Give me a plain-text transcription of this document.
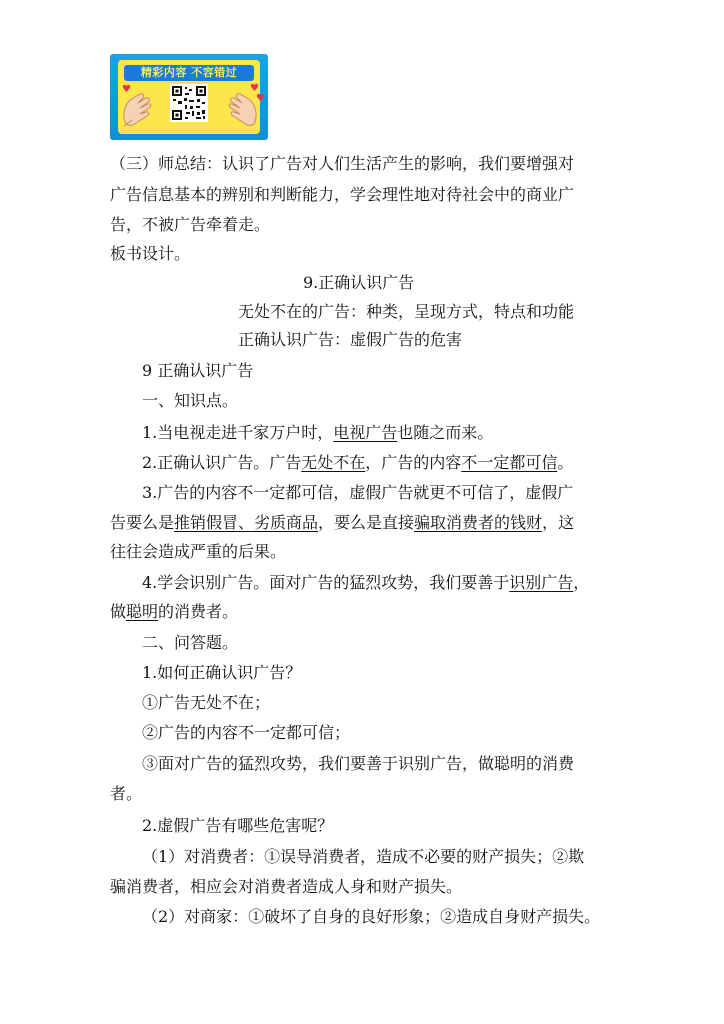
精彩内容 不容错过
♥	♥
♥
（三）师总结：认识了广告对人们生活产生的影响，我们要增强对
广告信息基本的辨别和判断能力，学会理性地对待社会中的商业广
告，不被广告牵着走。
板书设计。
9.正确认识广告
无处不在的广告：种类，呈现方式，特点和功能
正确认识广告：虚假广告的危害
9 正确认识广告
一、知识点。
1.当电视走进千家万户时，电视广告也随之而来。
2.正确认识广告。广告无处不在，广告的内容不一定都可信。
3.广告的内容不一定都可信，虚假广告就更不可信了，虚假广
告要么是推销假冒、劣质商品，要么是直接骗取消费者的钱财，这
往往会造成严重的后果。
4.学会识别广告。面对广告的猛烈攻势，我们要善于识别广告，
做聪明的消费者。
二、问答题。
1.如何正确认识广告？
①广告无处不在；
②广告的内容不一定都可信；
③面对广告的猛烈攻势，我们要善于识别广告，做聪明的消费
者。
2.虚假广告有哪些危害呢？
（1）对消费者：①误导消费者，造成不必要的财产损失；②欺
骗消费者，相应会对消费者造成人身和财产损失。
（2）对商家：①破坏了自身的良好形象；②造成自身财产损失。
